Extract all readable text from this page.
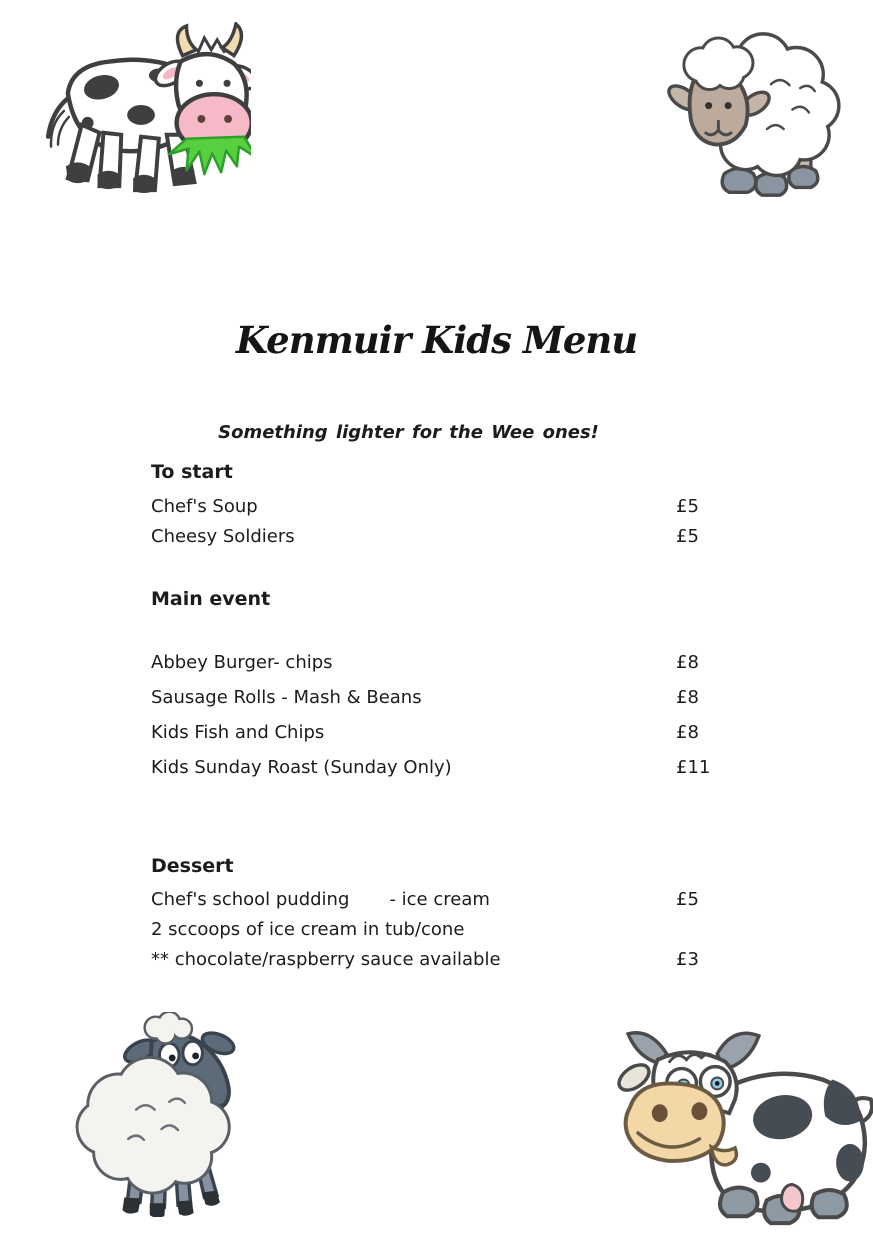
Kenmuir Kids Menu
Something lighter for the Wee ones!
To start
Chef's Soup	£5
Cheesy Soldiers	£5
Main event
Abbey Burger- chips	£8
Sausage Rolls - Mash & Beans	£8
Kids Fish and Chips	£8
Kids Sunday Roast (Sunday Only)	£11
Dessert
Chef's school pudding       - ice cream	£5
2 sccoops of ice cream in tub/cone
** chocolate/raspberry sauce available	£3
